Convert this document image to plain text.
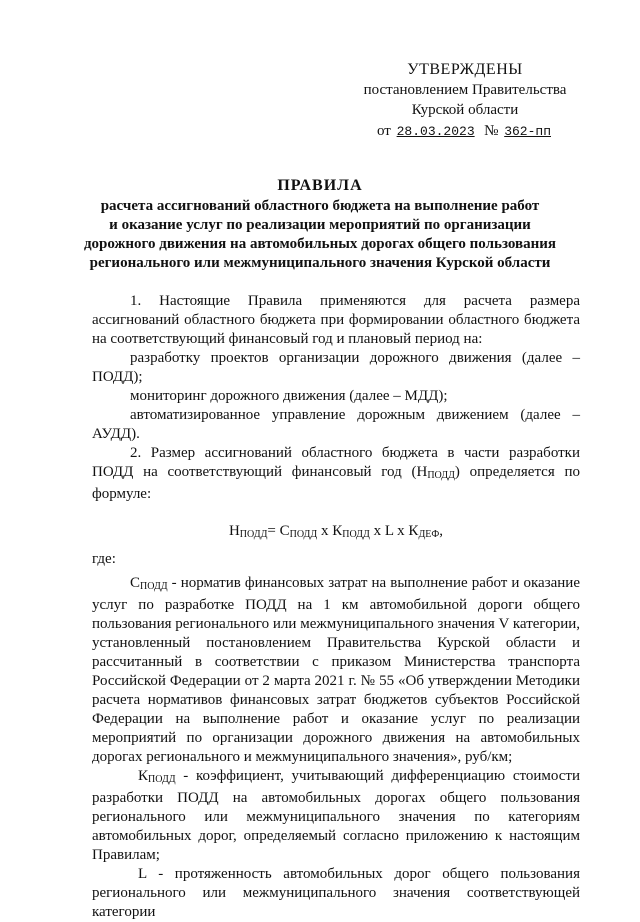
УТВЕРЖДЕНЫ
постановлением Правительства
Курской области
от 28.03.2023 № 362-пп
ПРАВИЛА
расчета ассигнований областного бюджета на выполнение работ
и оказание услуг по реализации мероприятий по организации
дорожного движения на автомобильных дорогах общего пользования
регионального или межмуниципального значения Курской области

1. Настоящие Правила применяются для расчета размера ассигнований областного бюджета при формировании областного бюджета на соответствующий финансовый год и плановый период на:

разработку проектов организации дорожного движения (далее – ПОДД);

мониторинг дорожного движения (далее – МДД);

автоматизированное управление дорожным движением (далее – АУДД).

2. Размер ассигнований областного бюджета в части разработки ПОДД на соответствующий финансовый год $(Н_{ПОДД})$ определяется по формуле:

$Н_{ПОДД}= С_{ПОДД}$ х $К_{ПОДД}$ х L х $К_{ДЕФ}$,

где:

$С_{ПОДД}$ - норматив финансовых затрат на выполнение работ и оказание услуг по разработке ПОДД на 1 км автомобильной дороги общего пользования регионального или межмуниципального значения V категории, установленный постановлением Правительства Курской области и рассчитанный в соответствии с приказом Министерства транспорта Российской Федерации от 2 марта 2021 г. № 55 «Об утверждении Методики расчета нормативов финансовых затрат бюджетов субъектов Российской Федерации на выполнение работ и оказание услуг по реализации мероприятий по организации дорожного движения на автомобильных дорогах регионального и межмуниципального значения», руб/км;

$К_{ПОДД}$ - коэффициент, учитывающий дифференциацию стоимости разработки ПОДД на автомобильных дорогах общего пользования регионального или межмуниципального значения по категориям автомобильных дорог, определяемый согласно приложению к настоящим Правилам;

L - протяженность автомобильных дорог общего пользования регионального или межмуниципального значения соответствующей категории
